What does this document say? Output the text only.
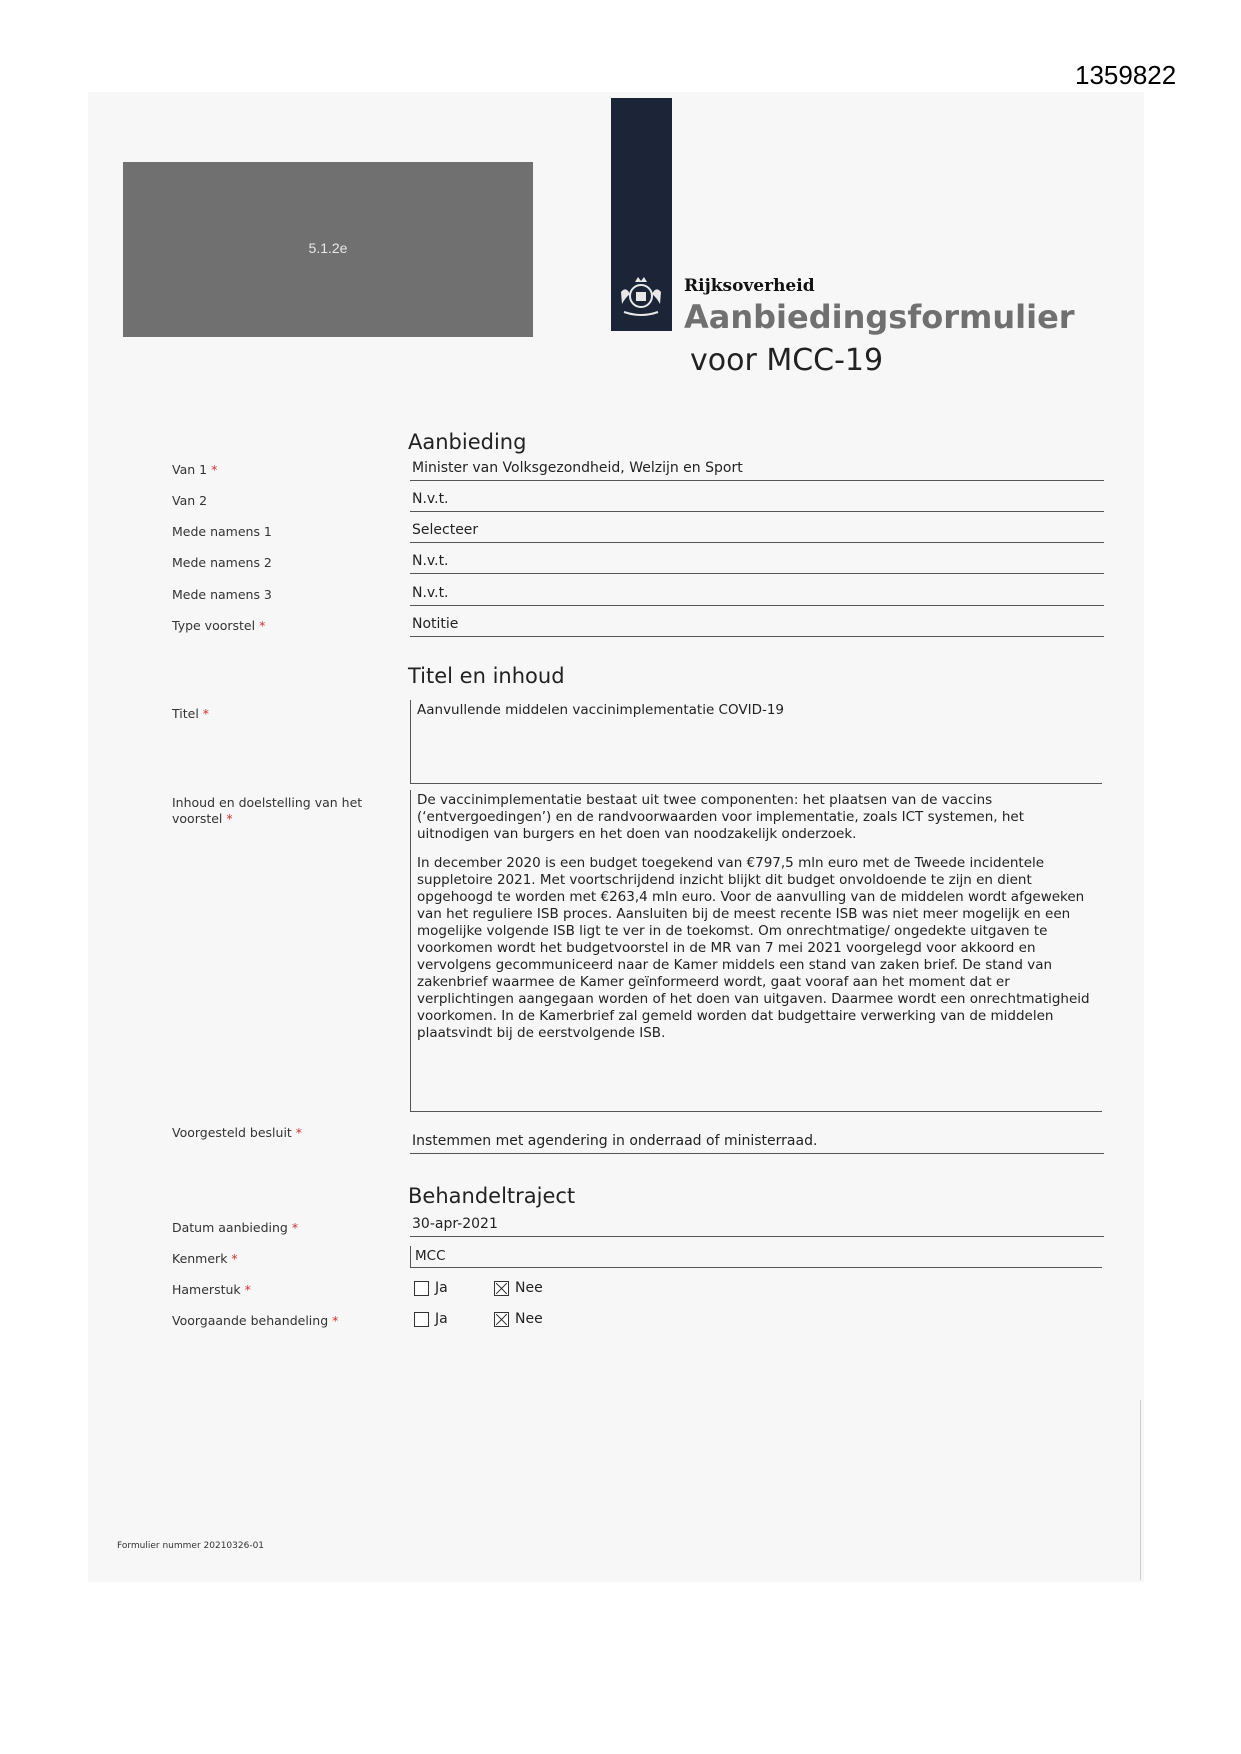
1359822
5.1.2e
Rijksoverheid
Aanbiedingsformulier
voor MCC-19
Aanbieding
Van 1 *	Minister van Volksgezondheid, Welzijn en Sport
Van 2	N.v.t.
Mede namens 1	Selecteer
Mede namens 2	N.v.t.
Mede namens 3	N.v.t.
Type voorstel *	Notitie
Titel en inhoud
Titel *	Aanvullende middelen vaccinimplementatie COVID-19

Inhoud en doelstelling van het voorstel *

De vaccinimplementatie bestaat uit twee componenten: het plaatsen van de vaccins (‘entvergoedingen’) en de randvoorwaarden voor implementatie, zoals ICT systemen, het uitnodigen van burgers en het doen van noodzakelijk onderzoek.

In december 2020 is een budget toegekend van €797,5 mln euro met de Tweede incidentele suppletoire 2021. Met voortschrijdend inzicht blijkt dit budget onvoldoende te zijn en dient opgehoogd te worden met €263,4 mln euro. Voor de aanvulling van de middelen wordt afgeweken van het reguliere ISB proces. Aansluiten bij de meest recente ISB was niet meer mogelijk en een mogelijke volgende ISB ligt te ver in de toekomst. Om onrechtmatige/ ongedekte uitgaven te voorkomen wordt het budgetvoorstel in de MR van 7 mei 2021 voorgelegd voor akkoord en vervolgens gecommuniceerd naar de Kamer middels een stand van zaken brief. De stand van zakenbrief waarmee de Kamer geïnformeerd wordt, gaat vooraf aan het moment dat er verplichtingen aangegaan worden of het doen van uitgaven. Daarmee wordt een onrechtmatigheid voorkomen. In de Kamerbrief zal gemeld worden dat budgettaire verwerking van de middelen plaatsvindt bij de eerstvolgende ISB.

Voorgesteld besluit *
Instemmen met agendering in onderraad of ministerraad.
Behandeltraject
Datum aanbieding *	30-apr-2021
Kenmerk *	MCC
Hamerstuk *	Ja	Nee
Voorgaande behandeling *	Ja	Nee
Formulier nummer 20210326-01
